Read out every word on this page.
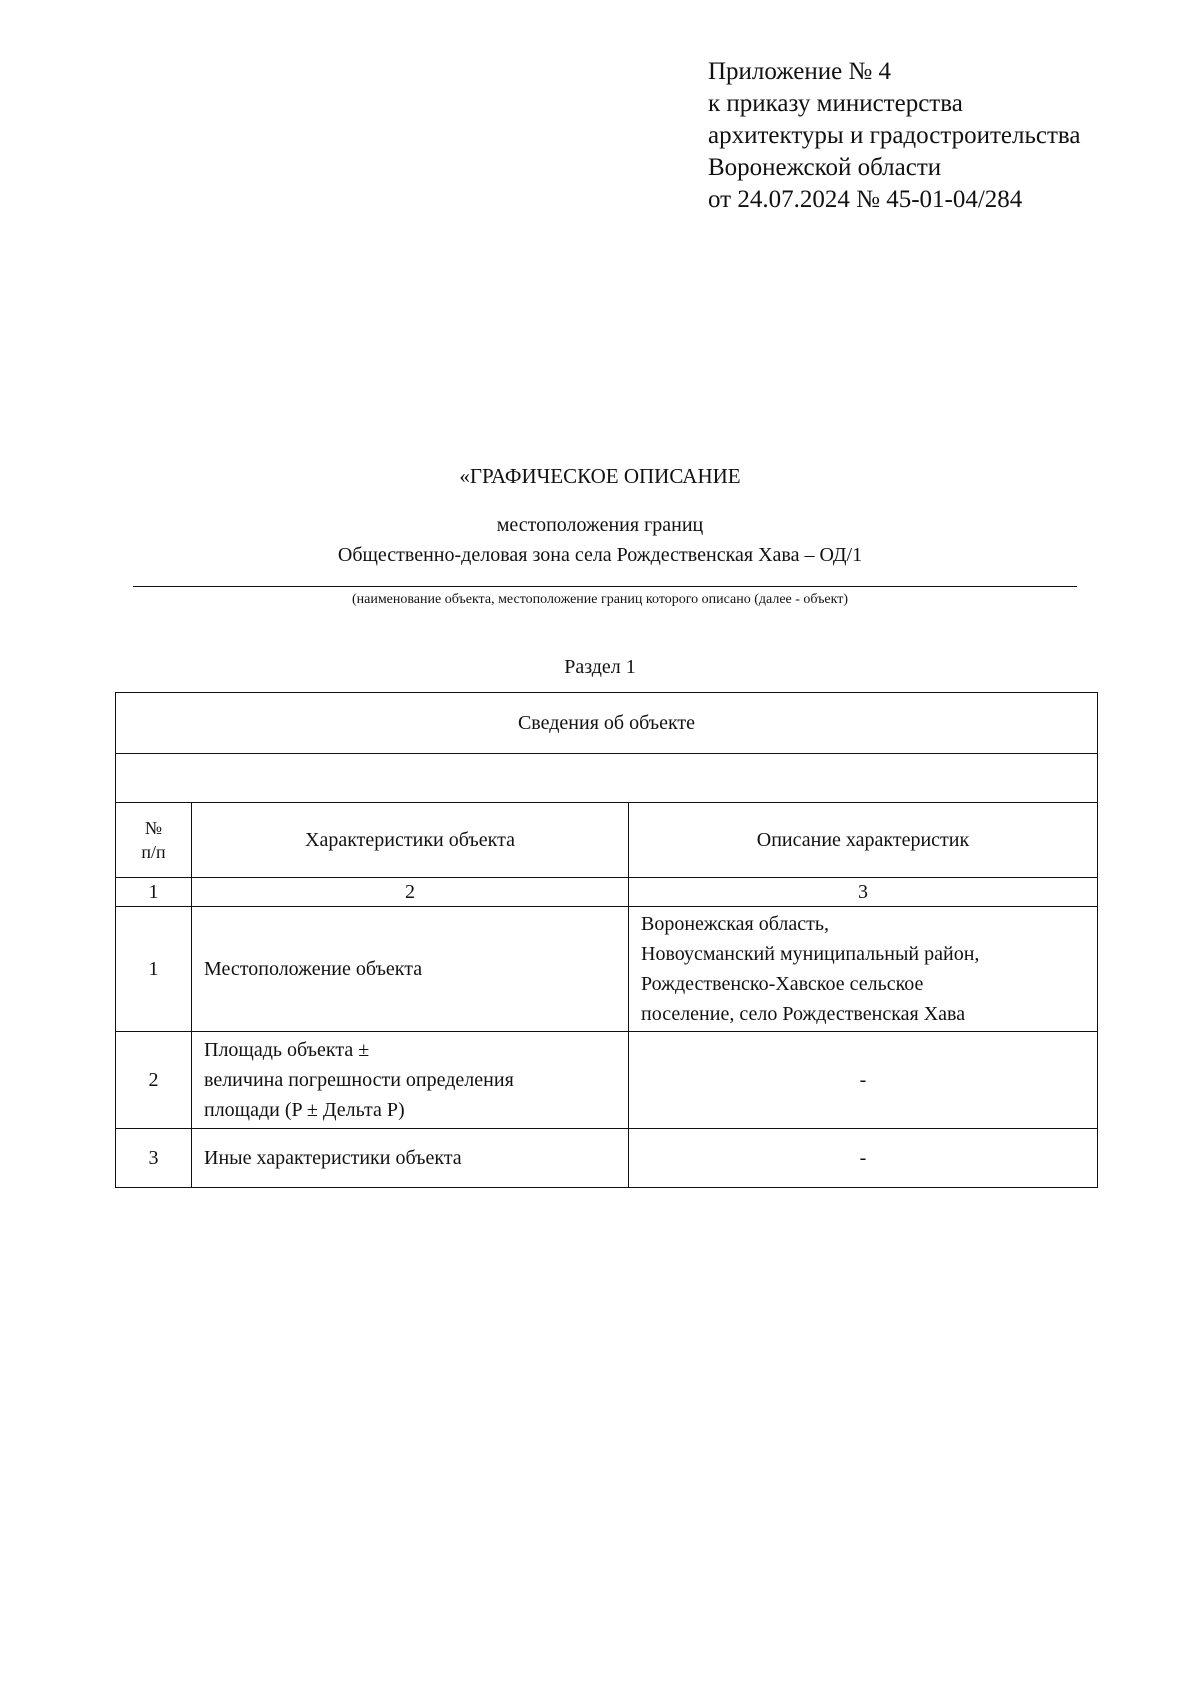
Приложение № 4
к приказу министерства
архитектуры и градостроительства
Воронежской области
от 24.07.2024 № 45-01-04/284
«ГРАФИЧЕСКОЕ ОПИСАНИЕ
местоположения границ
Общественно-деловая зона села Рождественская Хава – ОД/1
(наименование объекта, местоположение границ которого описано (далее - объект)
Раздел 1
Сведения об объекте		

№
п/п	Характеристики объекта	Описание характеристик
1	2	3
1	Местоположение объекта	Воронежская область,
Новоусманский муниципальный район,
Рождественско-Хавское сельское
поселение, село Рождественская Хава

2	Площадь объекта ±
величина погрешности определения
площади (P ± Дельта P)	-

3	Иные характеристики объекта	-
